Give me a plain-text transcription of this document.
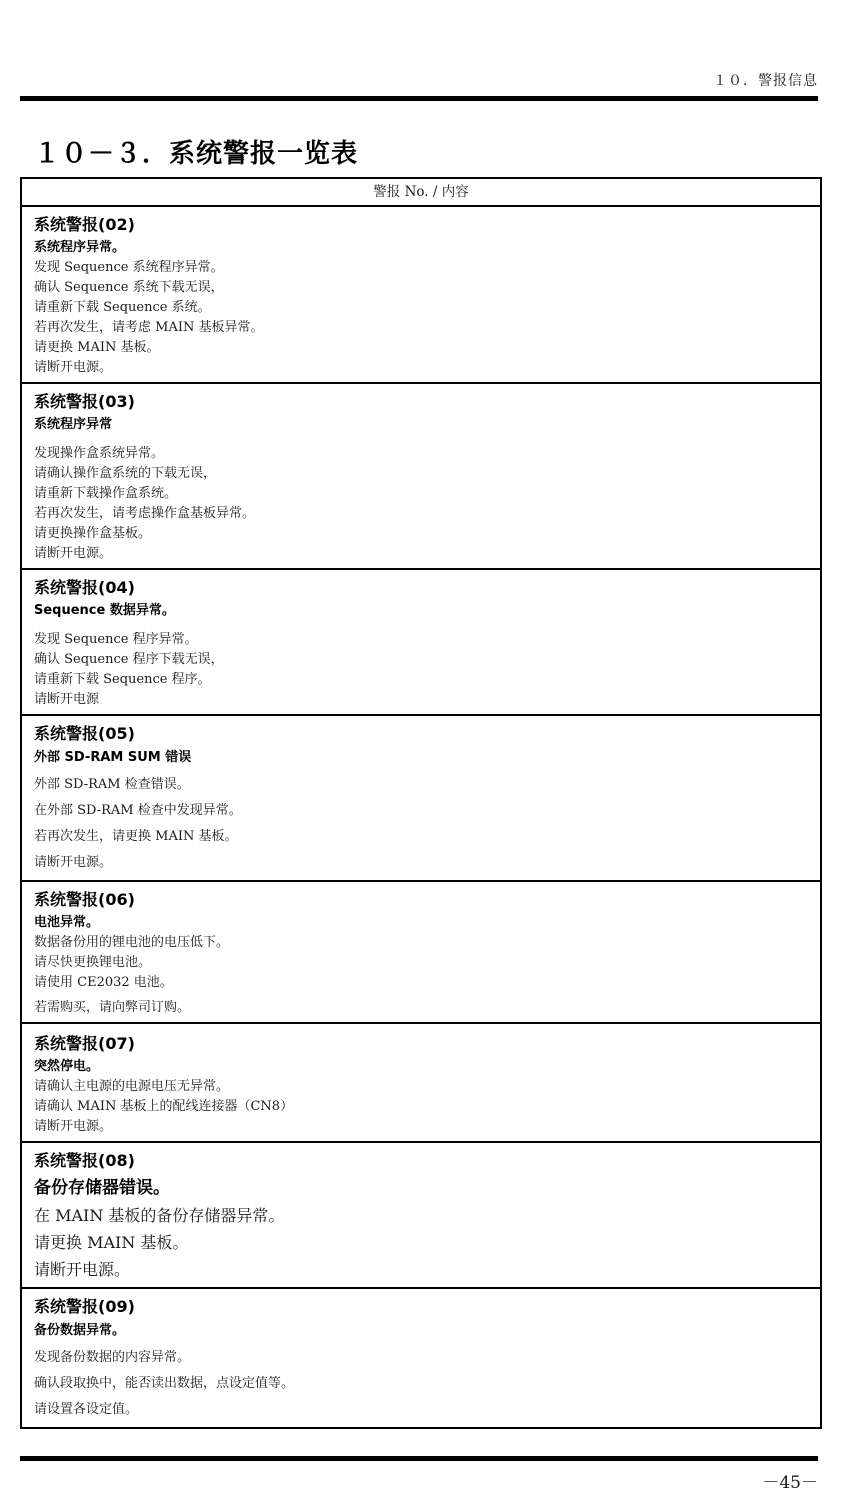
１０．警报信息
１０－３．系统警报一览表
警报 No. / 内容
系统警报(02)
系统程序异常。
发现 Sequence 系统程序异常。
确认 Sequence 系统下载无误，
请重新下载 Sequence 系统。
若再次发生，请考虑 MAIN 基板异常。
请更换 MAIN 基板。
请断开电源。
系统警报(03)
系统程序异常
发现操作盒系统异常。
请确认操作盒系统的下载无误，
请重新下载操作盒系统。
若再次发生，请考虑操作盒基板异常。
请更换操作盒基板。
请断开电源。
系统警报(04)
Sequence 数据异常。
发现 Sequence 程序异常。
确认 Sequence 程序下载无误，
请重新下载 Sequence 程序。
请断开电源
系统警报(05)
外部 SD-RAM SUM 错误
外部 SD-RAM 检查错误。
在外部 SD-RAM 检查中发现异常。
若再次发生，请更换 MAIN 基板。
请断开电源。
系统警报(06)
电池异常。
数据备份用的锂电池的电压低下。
请尽快更换锂电池。
请使用 CE2032 电池。
若需购买，请向弊司订购。
系统警报(07)
突然停电。
请确认主电源的电源电压无异常。
请确认 MAIN 基板上的配线连接器（CN8）
请断开电源。
系统警报(08)
备份存储器错误。
在 MAIN 基板的备份存储器异常。
请更换 MAIN 基板。
请断开电源。
系统警报(09)
备份数据异常。
发现备份数据的内容异常。
确认段取换中，能否读出数据，点设定值等。
请设置各设定值。
－45－
